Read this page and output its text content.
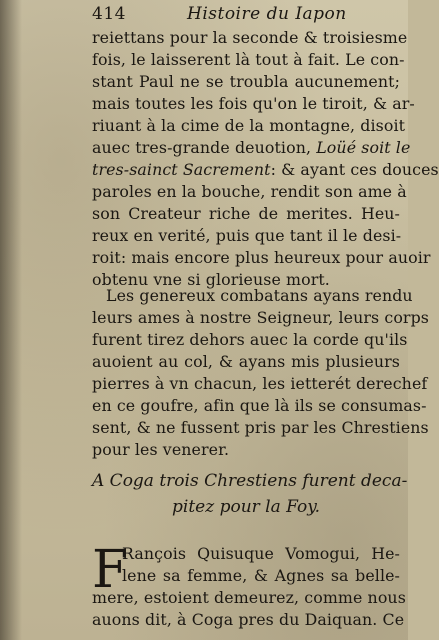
414	Histoire du Iapon
reiettans pour la seconde & troisiesme
fois, le laisserent là tout à fait. Le con-
stant Paul ne se troubla aucunement;
mais toutes les fois qu'on le tiroit, & ar-
riuant à la cime de la montagne, disoit
auec tres-grande deuotion, Loüé soit le
tres-sainct Sacrement: & ayant ces douces
paroles en la bouche, rendit son ame à
son Createur riche de merites. Heu-
reux en verité, puis que tant il le desi-
roit: mais encore plus heureux pour auoir
obtenu vne si glorieuse mort.
Les genereux combatans ayans rendu
leurs ames à nostre Seigneur, leurs corps
furent tirez dehors auec la corde qu'ils
auoient au col, & ayans mis plusieurs
pierres à vn chacun, les ietterét derechef
en ce goufre, afin que là ils se consumas-
sent, & ne fussent pris par les Chrestiens
pour les venerer.
A Coga trois Chrestiens furent deca-
pitez pour la Foy.
F
Rançois Quisuque Vomogui, He-
lene sa femme, & Agnes sa belle-
mere, estoient demeurez, comme nous
auons dit, à Coga pres du Daiquan. Ce
